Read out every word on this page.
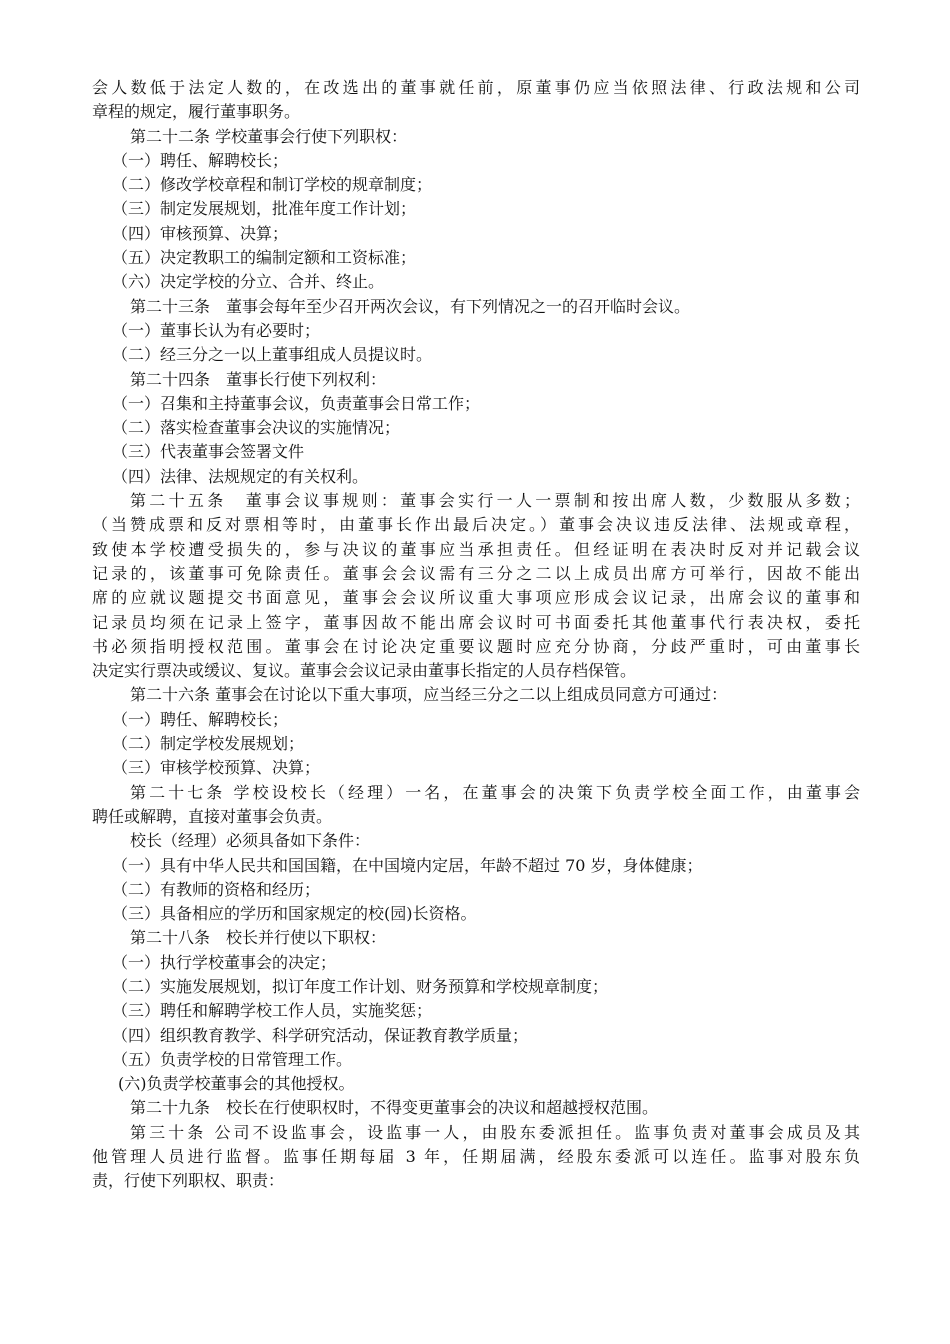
会人数低于法定人数的，在改选出的董事就任前，原董事仍应当依照法律、行政法规和公司
章程的规定，履行董事职务。
第二十二条 学校董事会行使下列职权：
（一）聘任、解聘校长；
（二）修改学校章程和制订学校的规章制度；
（三）制定发展规划，批准年度工作计划；
（四）审核预算、决算；
（五）决定教职工的编制定额和工资标准；
（六）决定学校的分立、合并、终止。
第二十三条　董事会每年至少召开两次会议，有下列情况之一的召开临时会议。
（一）董事长认为有必要时；
（二）经三分之一以上董事组成人员提议时。
第二十四条　董事长行使下列权利：
（一）召集和主持董事会议，负责董事会日常工作；
（二）落实检查董事会决议的实施情况；
（三）代表董事会签署文件
（四）法律、法规规定的有关权利。
第二十五条　董事会议事规则：董事会实行一人一票制和按出席人数，少数服从多数；
（当赞成票和反对票相等时，由董事长作出最后决定。）董事会决议违反法律、法规或章程，
致使本学校遭受损失的，参与决议的董事应当承担责任。但经证明在表决时反对并记载会议
记录的，该董事可免除责任。董事会会议需有三分之二以上成员出席方可举行，因故不能出
席的应就议题提交书面意见，董事会会议所议重大事项应形成会议记录，出席会议的董事和
记录员均须在记录上签字，董事因故不能出席会议时可书面委托其他董事代行表决权，委托
书必须指明授权范围。董事会在讨论决定重要议题时应充分协商，分歧严重时，可由董事长
决定实行票决或缓议、复议。董事会会议记录由董事长指定的人员存档保管。
第二十六条 董事会在讨论以下重大事项，应当经三分之二以上组成员同意方可通过：
（一）聘任、解聘校长；
（二）制定学校发展规划；
（三）审核学校预算、决算；
第二十七条 学校设校长（经理）一名，在董事会的决策下负责学校全面工作，由董事会
聘任或解聘，直接对董事会负责。
校长（经理）必须具备如下条件：
（一）具有中华人民共和国国籍，在中国境内定居，年龄不超过 70 岁，身体健康；
（二）有教师的资格和经历；
（三）具备相应的学历和国家规定的校(园)长资格。
第二十八条　校长并行使以下职权：
（一）执行学校董事会的决定；
（二）实施发展规划，拟订年度工作计划、财务预算和学校规章制度；
（三）聘任和解聘学校工作人员，实施奖惩；
（四）组织教育教学、科学研究活动，保证教育教学质量；
（五）负责学校的日常管理工作。
(六)负责学校董事会的其他授权。
第二十九条　校长在行使职权时，不得变更董事会的决议和超越授权范围。
第三十条 公司不设监事会，设监事一人，由股东委派担任。监事负责对董事会成员及其
他管理人员进行监督。监事任期每届 3 年，任期届满，经股东委派可以连任。监事对股东负
责，行使下列职权、职责：
